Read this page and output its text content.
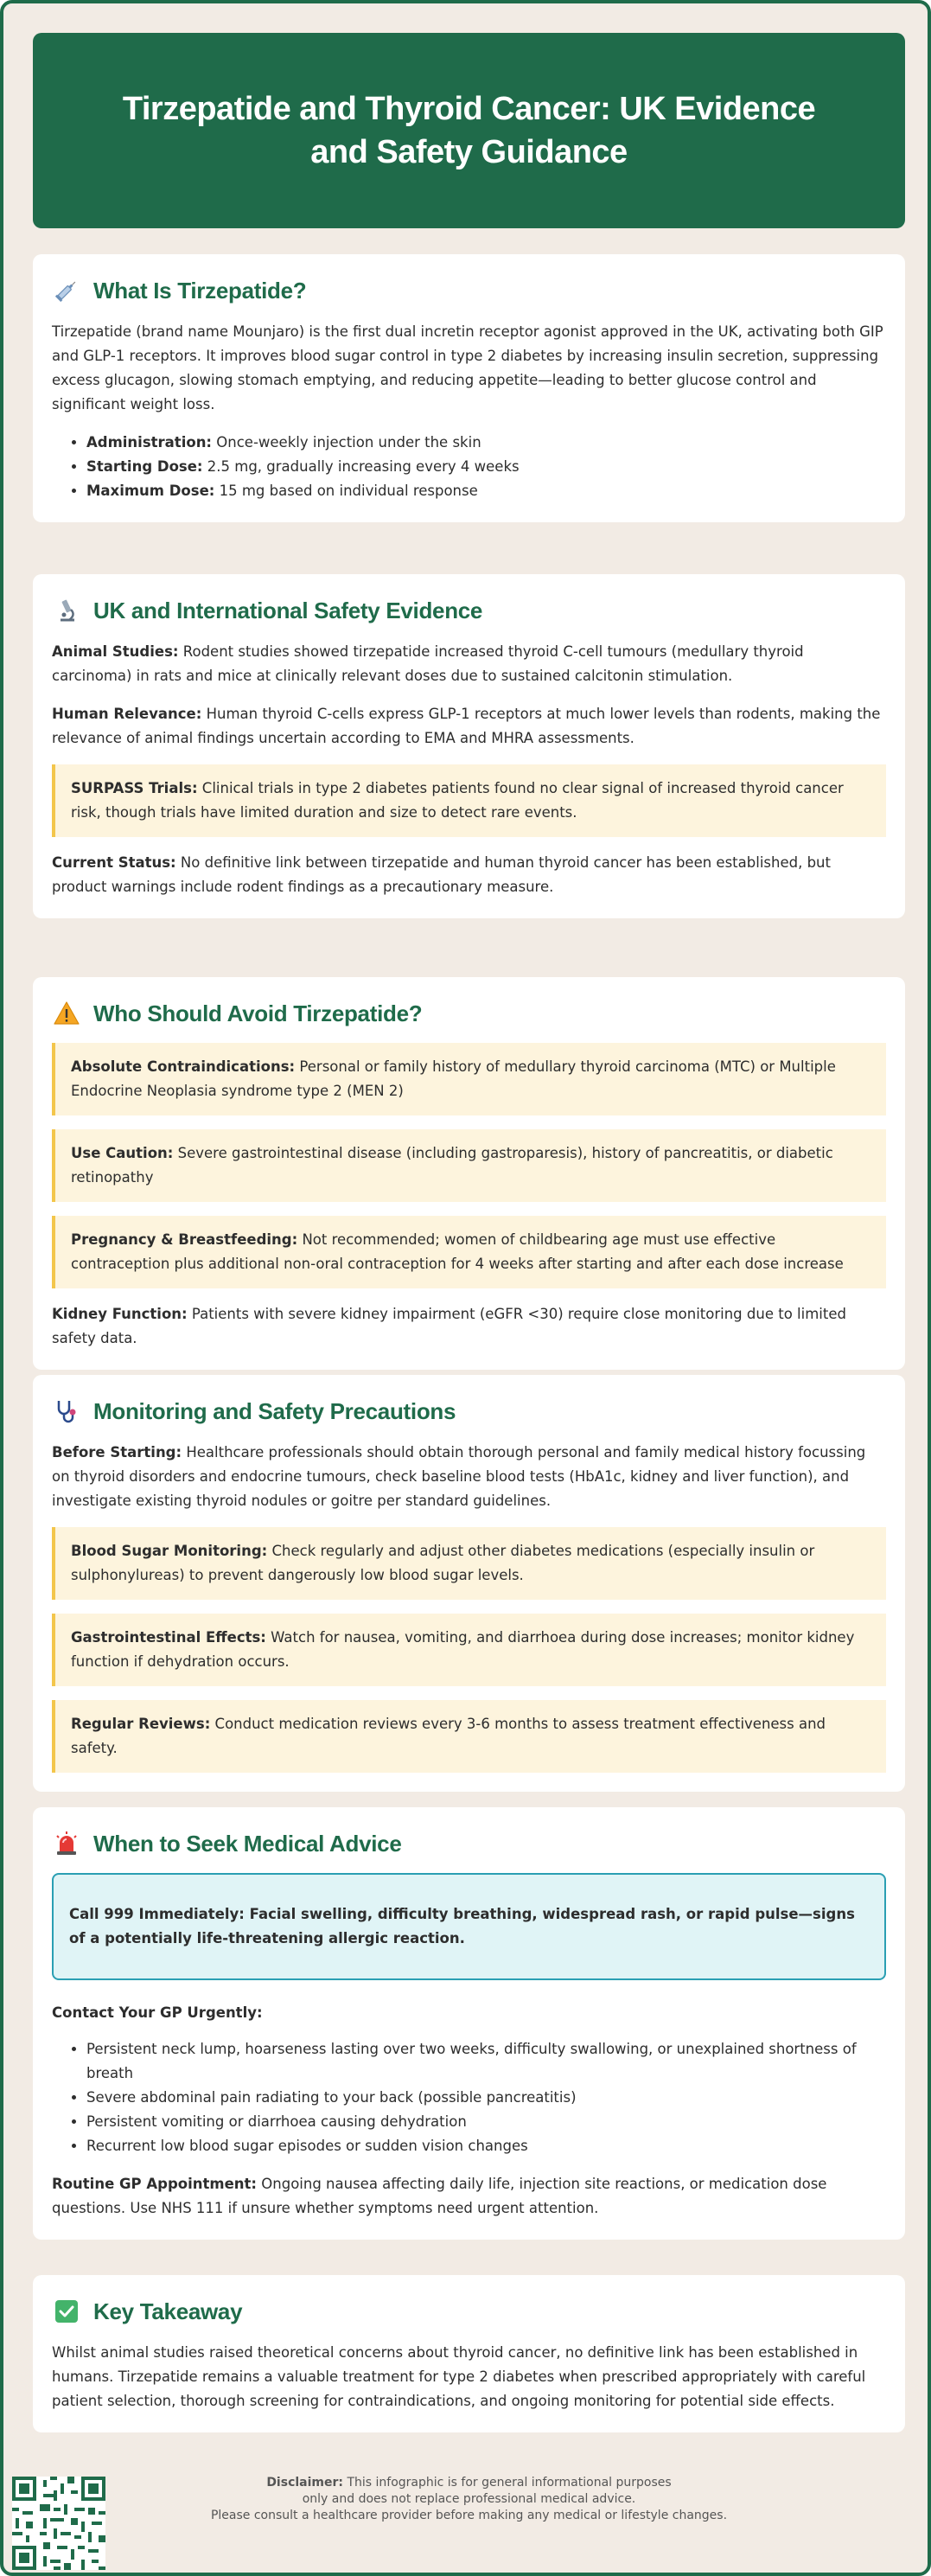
Tirzepatide and Thyroid Cancer: UK Evidence and Safety Guidance
What Is Tirzepatide?

Tirzepatide (brand name Mounjaro) is the first dual incretin receptor agonist approved in the UK, activating both GIP and GLP-1 receptors. It improves blood sugar control in type 2 diabetes by increasing insulin secretion, suppressing excess glucagon, slowing stomach emptying, and reducing appetite—leading to better glucose control and significant weight loss.

• Administration: Once-weekly injection under the skin
• Starting Dose: 2.5 mg, gradually increasing every 4 weeks
• Maximum Dose: 15 mg based on individual response
UK and International Safety Evidence

Animal Studies: Rodent studies showed tirzepatide increased thyroid C-cell tumours (medullary thyroid carcinoma) in rats and mice at clinically relevant doses due to sustained calcitonin stimulation.

Human Relevance: Human thyroid C-cells express GLP-1 receptors at much lower levels than rodents, making the relevance of animal findings uncertain according to EMA and MHRA assessments.

SURPASS Trials: Clinical trials in type 2 diabetes patients found no clear signal of increased thyroid cancer risk, though trials have limited duration and size to detect rare events.

Current Status: No definitive link between tirzepatide and human thyroid cancer has been established, but product warnings include rodent findings as a precautionary measure.

Who Should Avoid Tirzepatide?

Absolute Contraindications: Personal or family history of medullary thyroid carcinoma (MTC) or Multiple Endocrine Neoplasia syndrome type 2 (MEN 2)

Use Caution: Severe gastrointestinal disease (including gastroparesis), history of pancreatitis, or diabetic retinopathy

Pregnancy & Breastfeeding: Not recommended; women of childbearing age must use effective contraception plus additional non-oral contraception for 4 weeks after starting and after each dose increase

Kidney Function: Patients with severe kidney impairment (eGFR <30) require close monitoring due to limited safety data.

Monitoring and Safety Precautions

Before Starting: Healthcare professionals should obtain thorough personal and family medical history focussing on thyroid disorders and endocrine tumours, check baseline blood tests (HbA1c, kidney and liver function), and investigate existing thyroid nodules or goitre per standard guidelines.

Blood Sugar Monitoring: Check regularly and adjust other diabetes medications (especially insulin or sulphonylureas) to prevent dangerously low blood sugar levels.

Gastrointestinal Effects: Watch for nausea, vomiting, and diarrhoea during dose increases; monitor kidney function if dehydration occurs.

Regular Reviews: Conduct medication reviews every 3-6 months to assess treatment effectiveness and safety.

When to Seek Medical Advice

Call 999 Immediately: Facial swelling, difficulty breathing, widespread rash, or rapid pulse—signs of a potentially life-threatening allergic reaction.

Contact Your GP Urgently:

• Persistent neck lump, hoarseness lasting over two weeks, difficulty swallowing, or unexplained shortness of breath
• Severe abdominal pain radiating to your back (possible pancreatitis)
• Persistent vomiting or diarrhoea causing dehydration
• Recurrent low blood sugar episodes or sudden vision changes

Routine GP Appointment: Ongoing nausea affecting daily life, injection site reactions, or medication dose questions. Use NHS 111 if unsure whether symptoms need urgent attention.

Key Takeaway

Whilst animal studies raised theoretical concerns about thyroid cancer, no definitive link has been established in humans. Tirzepatide remains a valuable treatment for type 2 diabetes when prescribed appropriately with careful patient selection, thorough screening for contraindications, and ongoing monitoring for potential side effects.

Disclaimer: This infographic is for general informational purposes
only and does not replace professional medical advice.
Please consult a healthcare provider before making any medical or lifestyle changes.
